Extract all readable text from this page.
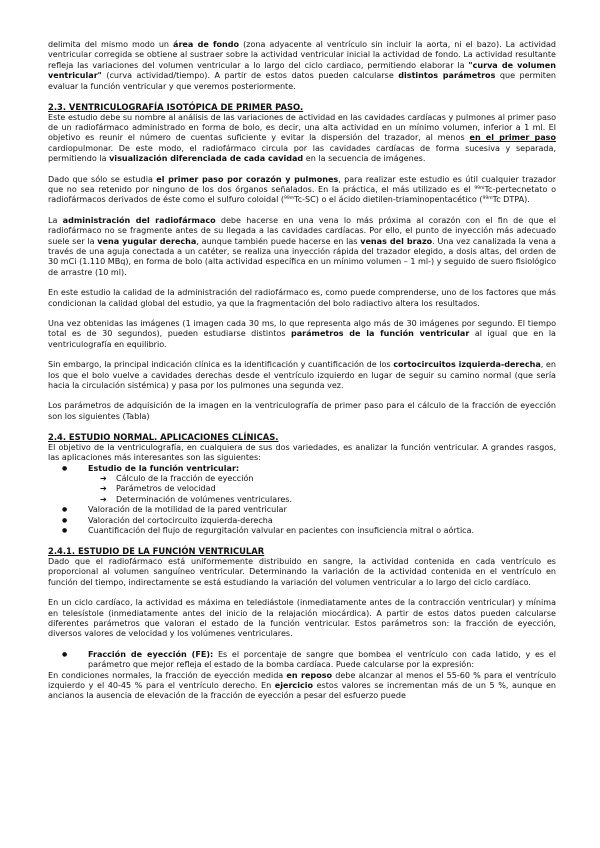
delimita del mismo modo un área de fondo (zona adyacente al ventrículo sin incluir la aorta, ni el bazo). La actividad ventricular corregida se obtiene al sustraer sobre la actividad ventricular inicial la actividad de fondo. La actividad resultante refleja las variaciones del volumen ventricular a lo largo del ciclo cardiaco, permitiendo elaborar la "curva de volumen ventricular" (curva actividad/tiempo). A partir de estos datos pueden calcularse distintos parámetros que permiten evaluar la función ventricular y que veremos posteriormente.

2.3. VENTRICULOGRAFÍA ISOTÓPICA DE PRIMER PASO.

Este estudio debe su nombre al análisis de las variaciones de actividad en las cavidades cardíacas y pulmones al primer paso de un radiofármaco administrado en forma de bolo, es decir, una alta actividad en un mínimo volumen, inferior a 1 ml. El objetivo es reunir el número de cuentas suficiente y evitar la dispersión del trazador, al menos en el primer paso cardiopulmonar. De este modo, el radiofármaco circula por las cavidades cardíacas de forma sucesiva y separada, permitiendo la visualización diferenciada de cada cavidad en la secuencia de imágenes.

Dado que sólo se estudia el primer paso por corazón y pulmones, para realizar este estudio es útil cualquier trazador que no sea retenido por ninguno de los dos órganos señalados. En la práctica, el más utilizado es el $^{99m}$Tc-pertecnetato o radiofármacos derivados de éste como el sulfuro coloidal ($^{99m}$Tc-SC) o el ácido dietilen-triaminopentacético ($^{99m}$Tc DTPA).

La administración del radiofármaco debe hacerse en una vena lo más próxima al corazón con el fin de que el radiofármaco no se fragmente antes de su llegada a las cavidades cardíacas. Por ello, el punto de inyección más adecuado suele ser la vena yugular derecha, aunque también puede hacerse en las venas del brazo. Una vez canalizada la vena a través de una aguja conectada a un catéter, se realiza una inyección rápida del trazador elegido, a dosis altas, del orden de 30 mCi (1.110 MBq), en forma de bolo (alta actividad específica en un mínimo volumen – 1 ml-) y seguido de suero fisiológico de arrastre (10 ml).

En este estudio la calidad de la administración del radiofármaco es, como puede comprenderse, uno de los factores que más condicionan la calidad global del estudio, ya que la fragmentación del bolo radiactivo altera los resultados.

Una vez obtenidas las imágenes (1 imagen cada 30 ms, lo que representa algo más de 30 imágenes por segundo. El tiempo total es de 30 segundos), pueden estudiarse distintos parámetros de la función ventricular al igual que en la ventriculografía en equilibrio.

Sin embargo, la principal indicación clínica es la identificación y cuantificación de los cortocircuitos izquierda-derecha, en los que el bolo vuelve a cavidades derechas desde el ventrículo izquierdo en lugar de seguir su camino normal (que sería hacia la circulación sistémica) y pasa por los pulmones una segunda vez.

Los parámetros de adquisición de la imagen en la ventriculografía de primer paso para el cálculo de la fracción de eyección son los siguientes (Tabla)

2.4. ESTUDIO NORMAL. APLICACIONES CLÍNICAS.

El objetivo de la ventriculografía, en cualquiera de sus dos variedades, es analizar la función ventricular. A grandes rasgos, las aplicaciones más interesantes son las siguientes:

● Estudio de la función ventricular:
➔ Cálculo de la fracción de eyección
➔ Parámetros de velocidad
➔ Determinación de volúmenes ventriculares.
● Valoración de la motilidad de la pared ventricular
● Valoración del cortocircuito izquierda-derecha
● Cuantificación del flujo de regurgitación valvular en pacientes con insuficiencia mitral o aórtica.
2.4.1. ESTUDIO DE LA FUNCIÓN VENTRICULAR

Dado que el radiofármaco está uniformemente distribuido en sangre, la actividad contenida en cada ventrículo es proporcional al volumen sanguíneo ventricular. Determinando la variación de la actividad contenida en el ventrículo en función del tiempo, indirectamente se está estudiando la variación del volumen ventricular a lo largo del ciclo cardíaco.

En un ciclo cardíaco, la actividad es máxima en telediástole (inmediatamente antes de la contracción ventricular) y mínima en telesístole (inmediatamente antes del inicio de la relajación miocárdica). A partir de estos datos pueden calcularse diferentes parámetros que valoran el estado de la función ventricular. Estos parámetros son: la fracción de eyección, diversos valores de velocidad y los volúmenes ventriculares.

● Fracción de eyección (FE): Es el porcentaje de sangre que bombea el ventrículo con cada latido, y es el parámetro que mejor refleja el estado de la bomba cardíaca. Puede calcularse por la expresión:

En condiciones normales, la fracción de eyección medida en reposo debe alcanzar al menos el 55-60 % para el ventrículo izquierdo y el 40-45 % para el ventrículo derecho. En ejercicio estos valores se incrementan más de un 5 %, aunque en ancianos la ausencia de elevación de la fracción de eyección a pesar del esfuerzo puede
